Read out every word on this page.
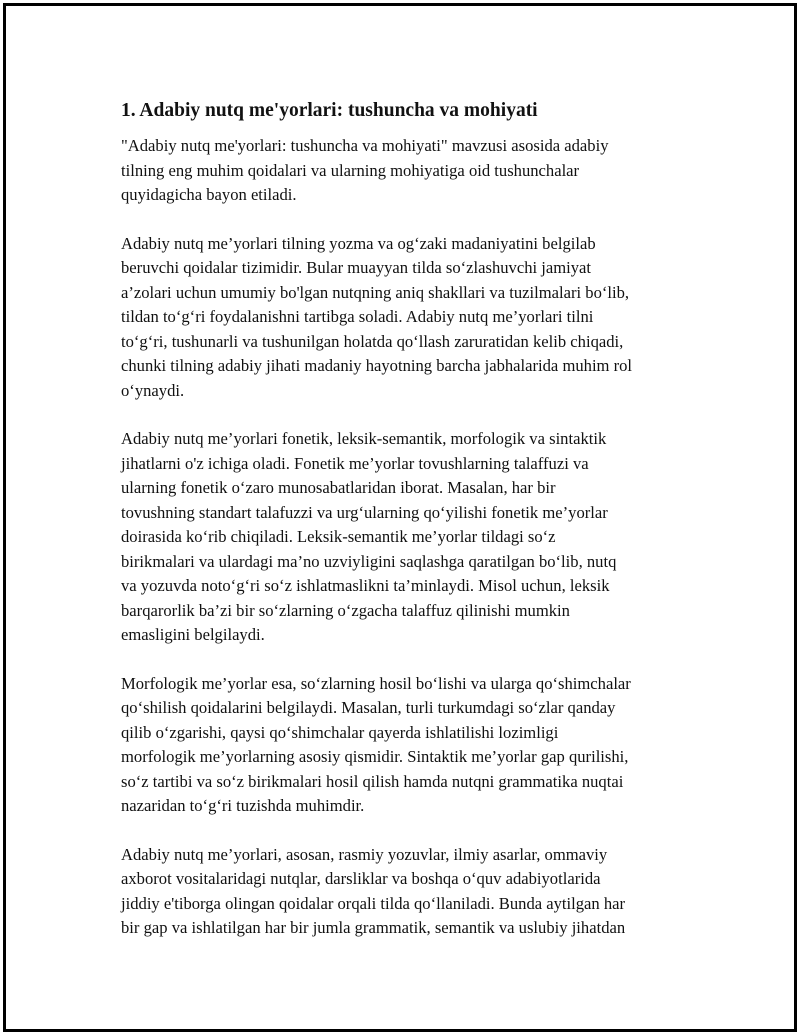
1. Adabiy nutq me'yorlari: tushuncha va mohiyati

"Adabiy nutq me'yorlari: tushuncha va mohiyati" mavzusi asosida adabiy
tilning eng muhim qoidalari va ularning mohiyatiga oid tushunchalar
quyidagicha bayon etiladi.

Adabiy nutq me’yorlari tilning yozma va og‘zaki madaniyatini belgilab
beruvchi qoidalar tizimidir. Bular muayyan tilda so‘zlashuvchi jamiyat
a’zolari uchun umumiy bo'lgan nutqning aniq shakllari va tuzilmalari bo‘lib,
tildan to‘g‘ri foydalanishni tartibga soladi. Adabiy nutq me’yorlari tilni
to‘g‘ri, tushunarli va tushunilgan holatda qo‘llash zaruratidan kelib chiqadi,
chunki tilning adabiy jihati madaniy hayotning barcha jabhalarida muhim rol
o‘ynaydi.

Adabiy nutq me’yorlari fonetik, leksik-semantik, morfologik va sintaktik
jihatlarni o'z ichiga oladi. Fonetik me’yorlar tovushlarning talaffuzi va
ularning fonetik o‘zaro munosabatlaridan iborat. Masalan, har bir
tovushning standart talafuzzi va urg‘ularning qo‘yilishi fonetik me’yorlar
doirasida ko‘rib chiqiladi. Leksik-semantik me’yorlar tildagi so‘z
birikmalari va ulardagi ma’no uzviyligini saqlashga qaratilgan bo‘lib, nutq
va yozuvda noto‘g‘ri so‘z ishlatmaslikni ta’minlaydi. Misol uchun, leksik
barqarorlik ba’zi bir so‘zlarning o‘zgacha talaffuz qilinishi mumkin
emasligini belgilaydi.

Morfologik me’yorlar esa, so‘zlarning hosil bo‘lishi va ularga qo‘shimchalar
qo‘shilish qoidalarini belgilaydi. Masalan, turli turkumdagi so‘zlar qanday
qilib o‘zgarishi, qaysi qo‘shimchalar qayerda ishlatilishi lozimligi
morfologik me’yorlarning asosiy qismidir. Sintaktik me’yorlar gap qurilishi,
so‘z tartibi va so‘z birikmalari hosil qilish hamda nutqni grammatika nuqtai
nazaridan to‘g‘ri tuzishda muhimdir.

Adabiy nutq me’yorlari, asosan, rasmiy yozuvlar, ilmiy asarlar, ommaviy
axborot vositalaridagi nutqlar, darsliklar va boshqa o‘quv adabiyotlarida
jiddiy e'tiborga olingan qoidalar orqali tilda qo‘llaniladi. Bunda aytilgan har
bir gap va ishlatilgan har bir jumla grammatik, semantik va uslubiy jihatdan
